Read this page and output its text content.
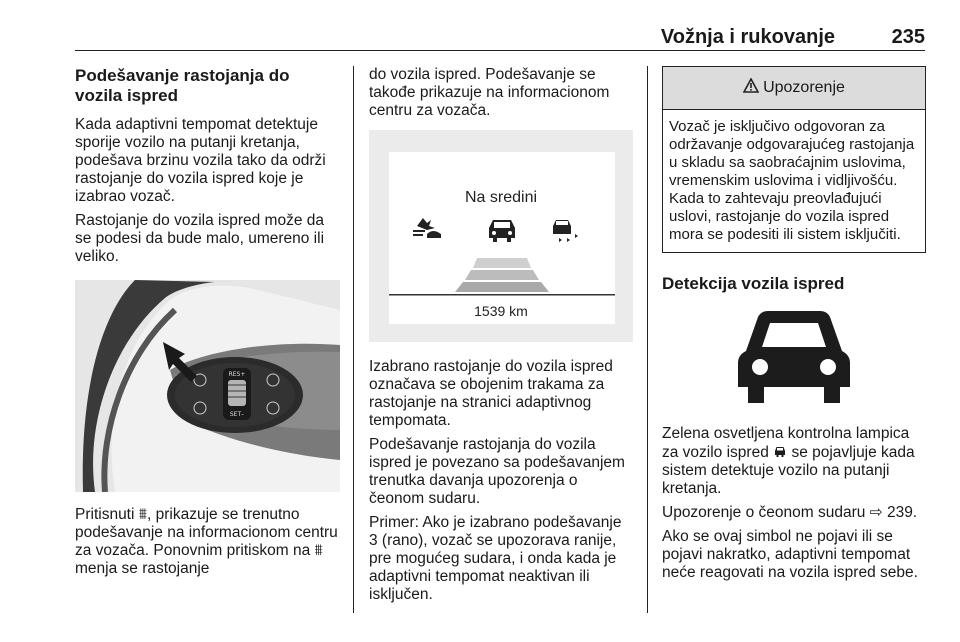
Vožnja i rukovanje	235
Podešavanje rastojanja do vozila ispred

Kada adaptivni tempomat detektuje sporije vozilo na putanji kretanja, podešava brzinu vozila tako da održi rastojanje do vozila ispred koje je izabrao vozač.

Rastojanje do vozila ispred može da se podesi da bude malo, umereno ili veliko.

RES+
SET–

Pritisnuti ⩩, prikazuje se trenutno podešavanje na informacionom centru za vozača. Ponovnim pritiskom na ⩩ menja se rastojanje

do vozila ispred. Podešavanje se takođe prikazuje na informacionom centru za vozača.

Na sredini
1539 km

Izabrano rastojanje do vozila ispred označava se obojenim trakama za rastojanje na stranici adaptivnog tempomata.

Podešavanje rastojanja do vozila ispred je povezano sa podešavanjem trenutka davanja upozorenja o čeonom sudaru.

Primer: Ako je izabrano podešavanje 3 (rano), vozač se upozorava ranije, pre mogućeg sudara, i onda kada je adaptivni tempomat neaktivan ili isključen.

Upozorenje
Vozač je isključivo odgovoran za održavanje odgovarajućeg rastojanja u skladu sa saobraćajnim uslovima, vremenskim uslovima i vidljivošću. Kada to zahtevaju preovlađujući uslovi, rastojanje do vozila ispred mora se podesiti ili sistem isključiti.
Detekcija vozila ispred

Zelena osvetljena kontrolna lampica za vozilo ispred  se pojavljuje kada sistem detektuje vozilo na putanji kretanja.

Upozorenje o čeonom sudaru ⇨ 239.

Ako se ovaj simbol ne pojavi ili se pojavi nakratko, adaptivni tempomat neće reagovati na vozila ispred sebe.
